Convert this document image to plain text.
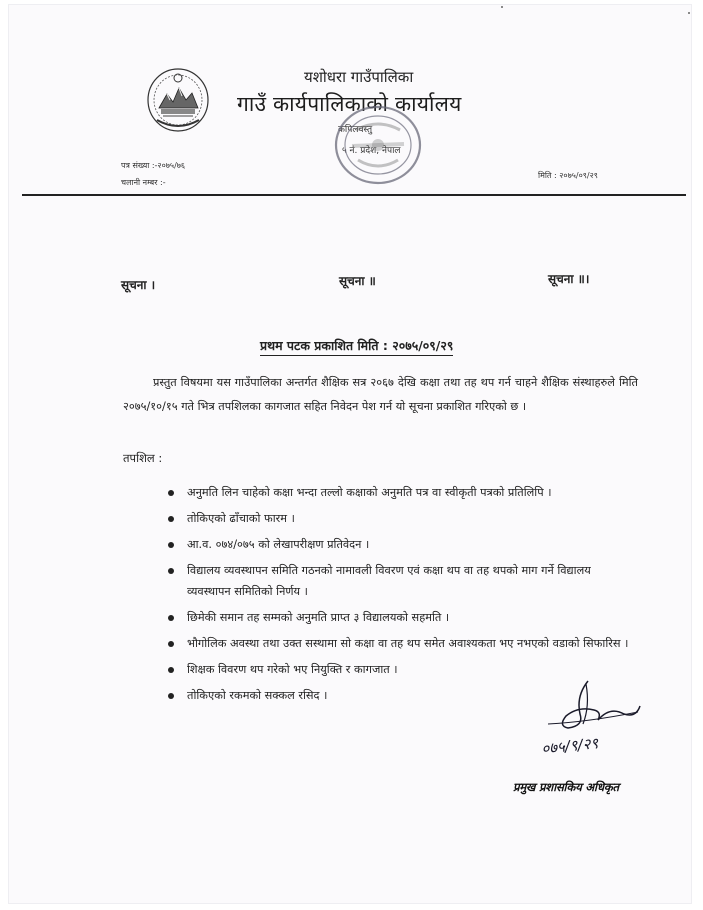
यशोधरा गाउँपालिका
गाउँ कार्यपालिकाको कार्यालय
कपिलवस्तु
५ नं. प्रदेश, नेपाल
पत्र संख्या :-२०७५/७६
चलानी नम्बर :-
मिति : २०७५/०९/२९
सूचना ।	सूचना ॥	सूचना ॥।
प्रथम पटक प्रकाशित मिति : २०७५/०९/२९
प्रस्तुत विषयमा यस गाउँपालिका अन्तर्गत शैक्षिक सत्र २०६७ देखि कक्षा तथा तह थप गर्न चाहने शैक्षिक संस्थाहरुले मिति २०७५/१०/१५ गते भित्र तपशिलका कागजात सहित निवेदन पेश गर्न यो सूचना प्रकाशित गरिएको छ ।
तपशिल :
अनुमति लिन चाहेको कक्षा भन्दा तल्लो कक्षाको अनुमति पत्र वा स्वीकृती पत्रको प्रतिलिपि ।
तोकिएको ढाँचाको फारम ।
आ.व. ०७४/०७५ को लेखापरीक्षण प्रतिवेदन ।
विद्यालय व्यवस्थापन समिति गठनको नामावली विवरण एवं कक्षा थप वा तह थपको माग गर्ने विद्यालय व्यवस्थापन समितिको निर्णय ।
छिमेकी समान तह सम्मको अनुमति प्राप्त ३ विद्यालयको सहमति ।
भौगोलिक अवस्था तथा उक्त सस्थामा सो कक्षा वा तह थप समेत अवाश्यकता भए नभएको वडाको सिफारिस ।
शिक्षक विवरण थप गरेको भए नियुक्ति र कागजात ।
तोकिएको रकमको सक्कल रसिद ।
०७५/९/२९
प्रमुख प्रशासकिय अधिकृत
